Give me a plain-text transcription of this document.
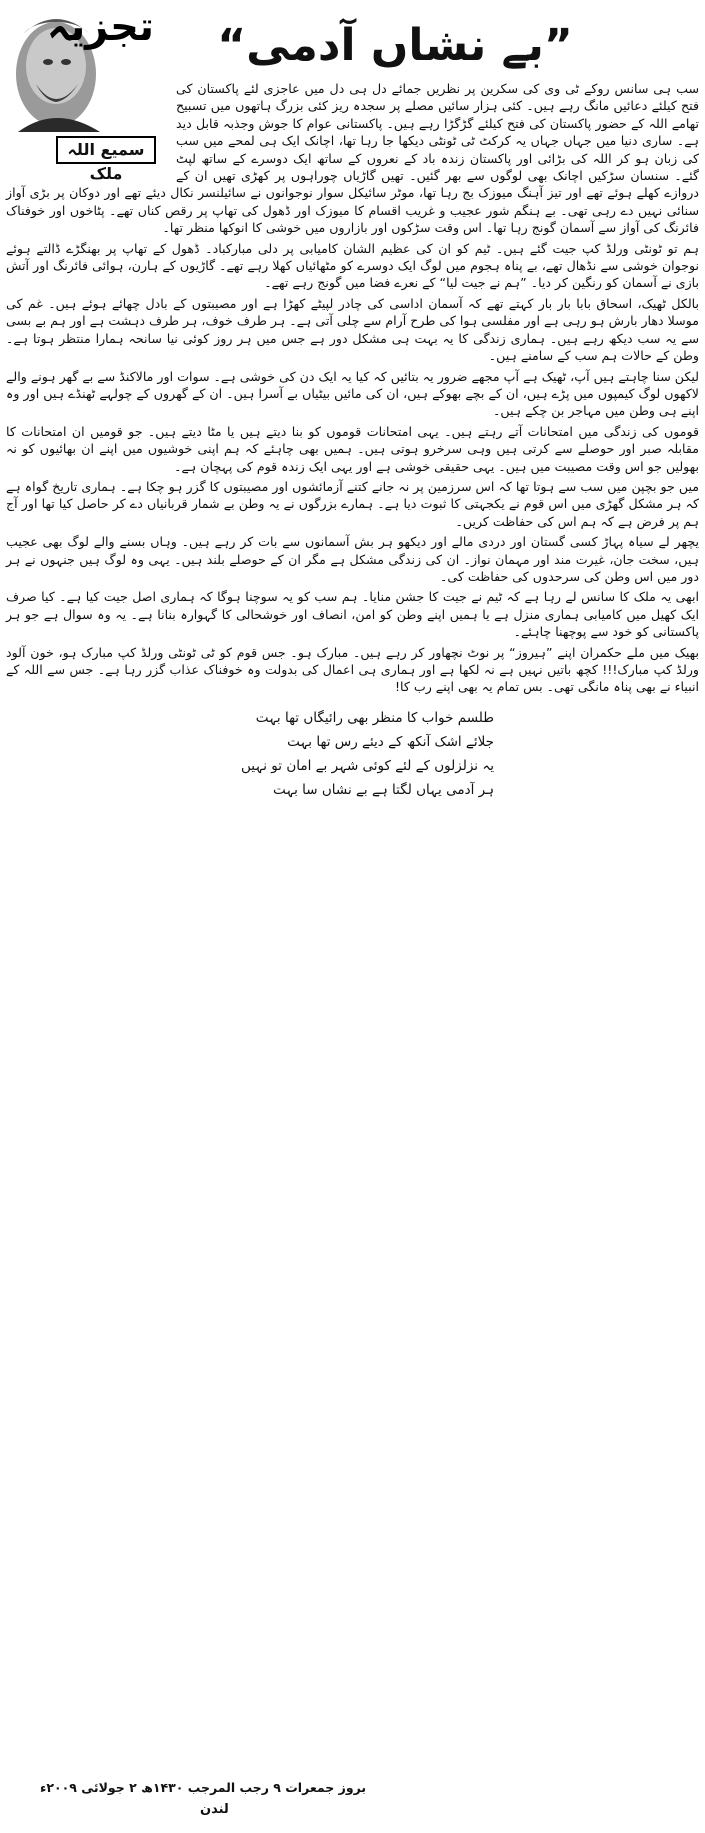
تجزیہ
سمیع اللہ ملک
”بے نشاں آدمی“

سب ہی سانس روکے ٹی وی کی سکرین پر نظریں جمائے دل ہی دل میں عاجزی لئے پاکستان کی فتح کیلئے دعائیں مانگ رہے ہیں۔ کئی ہزار سائیں مصلے پر سجدہ ریز کئی بزرگ ہاتھوں میں تسبیح تھامے اللہ کے حضور پاکستان کی فتح کیلئے گڑگڑا رہے ہیں۔ پاکستانی عوام کا جوش وجذبہ قابل دید ہے۔ ساری دنیا میں جہاں جہاں یہ کرکٹ ٹی ٹونٹی دیکھا جا رہا تھا، اچانک ایک ہی لمحے میں سب کی زبان ہو کر اللہ کی بڑائی اور پاکستان زندہ باد کے نعروں کے ساتھ ایک دوسرے کے ساتھ لپٹ گئے۔ سنسان سڑکیں اچانک بھی لوگوں سے بھر گئیں۔ تھیں گاڑیاں چوراہوں پر کھڑی تھیں ان کے دروازے کھلے ہوئے تھے اور تیز آہنگ میوزک بج رہا تھا، موٹر سائیکل سوار نوجوانوں نے سائیلنسر نکال دیئے تھے اور دوکان پر بڑی آواز سنائی نہیں دے رہی تھی۔ بے ہنگم شور عجیب و غریب اقسام کا میوزک اور ڈھول کی تھاپ پر رقص کناں تھے۔ پٹاخوں اور خوفناک فائرنگ کی آواز سے آسمان گونج رہا تھا۔ اس وقت سڑکوں اور بازاروں میں خوشی کا انوکھا منظر تھا۔

ہم تو ٹونٹی ورلڈ کپ جیت گئے ہیں۔ ٹیم کو ان کی عظیم الشان کامیابی پر دلی مبارکباد۔ ڈھول کے تھاپ پر بھنگڑے ڈالتے ہوئے نوجوان خوشی سے نڈھال تھے، بے پناہ ہجوم میں لوگ ایک دوسرے کو مٹھائیاں کھلا رہے تھے۔ گاڑیوں کے ہارن، ہوائی فائرنگ اور آتش بازی نے آسمان کو رنگین کر دیا۔ ”ہم نے جیت لیا“ کے نعرے فضا میں گونج رہے تھے۔

بالکل ٹھیک، اسحاق بابا بار بار کہتے تھے کہ آسمان اداسی کی چادر لپیٹے کھڑا ہے اور مصیبتوں کے بادل چھائے ہوئے ہیں۔ غم کی موسلا دھار بارش ہو رہی ہے اور مفلسی ہوا کی طرح آرام سے چلی آتی ہے۔ ہر طرف خوف، ہر طرف دہشت ہے اور ہم بے بسی سے یہ سب دیکھ رہے ہیں۔ ہماری زندگی کا یہ بہت ہی مشکل دور ہے جس میں ہر روز کوئی نیا سانحہ ہمارا منتظر ہوتا ہے۔ وطن کے حالات ہم سب کے سامنے ہیں۔

لیکن سنا چاہتے ہیں آپ، ٹھیک ہے آپ مجھے ضرور یہ بتائیں کہ کیا یہ ایک دن کی خوشی ہے۔ سوات اور مالاکنڈ سے بے گھر ہونے والے لاکھوں لوگ کیمپوں میں پڑے ہیں، ان کے بچے بھوکے ہیں، ان کی مائیں بیٹیاں بے آسرا ہیں۔ ان کے گھروں کے چولہے ٹھنڈے ہیں اور وہ اپنے ہی وطن میں مہاجر بن چکے ہیں۔

قوموں کی زندگی میں امتحانات آتے رہتے ہیں۔ یہی امتحانات قوموں کو بنا دیتے ہیں یا مٹا دیتے ہیں۔ جو قومیں ان امتحانات کا مقابلہ صبر اور حوصلے سے کرتی ہیں وہی سرخرو ہوتی ہیں۔ ہمیں بھی چاہئے کہ ہم اپنی خوشیوں میں اپنے ان بھائیوں کو نہ بھولیں جو اس وقت مصیبت میں ہیں۔ یہی حقیقی خوشی ہے اور یہی ایک زندہ قوم کی پہچان ہے۔

میں جو بچپن میں سب سے ہوتا تھا کہ اس سرزمین پر نہ جانے کتنے آزمائشوں اور مصیبتوں کا گزر ہو چکا ہے۔ ہماری تاریخ گواہ ہے کہ ہر مشکل گھڑی میں اس قوم نے یکجہتی کا ثبوت دیا ہے۔ ہمارے بزرگوں نے یہ وطن بے شمار قربانیاں دے کر حاصل کیا تھا اور آج ہم پر فرض ہے کہ ہم اس کی حفاظت کریں۔

یچھر لے سیاہ پہاڑ کسی گستان اور دردی مالے اور دیکھو ہر بش آسمانوں سے بات کر رہے ہیں۔ وہاں بسنے والے لوگ بھی عجیب ہیں، سخت جان، غیرت مند اور مہمان نواز۔ ان کی زندگی مشکل ہے مگر ان کے حوصلے بلند ہیں۔ یہی وہ لوگ ہیں جنہوں نے ہر دور میں اس وطن کی سرحدوں کی حفاظت کی۔

ابھی یہ ملک کا سانس لے رہا ہے کہ ٹیم نے جیت کا جشن منایا۔ ہم سب کو یہ سوچنا ہوگا کہ ہماری اصل جیت کیا ہے۔ کیا صرف ایک کھیل میں کامیابی ہماری منزل ہے یا ہمیں اپنے وطن کو امن، انصاف اور خوشحالی کا گہوارہ بنانا ہے۔ یہ وہ سوال ہے جو ہر پاکستانی کو خود سے پوچھنا چاہئے۔

بھیک میں ملے حکمران اپنے ”ہیروز“ پر نوٹ نچھاور کر رہے ہیں۔ مبارک ہو۔ جس قوم کو ٹی ٹونٹی ورلڈ کپ مبارک ہو، خون آلود ورلڈ کپ مبارک!!! کچھ باتیں نہیں ہے نہ لکھا ہے اور ہماری ہی اعمال کی بدولت وہ خوفناک عذاب گزر رہا ہے۔ جس سے اللہ کے انبیاء نے بھی پناہ مانگی تھی۔ بس تمام یہ بھی اپنے رب کا!

طلسم خواب کا منظر بھی رائیگاں تھا بہت
جلائے اشک آنکھ کے دیئے رس تھا بہت
یہ نزلزلوں کے لئے کوئی شہر بے امان تو نہیں
ہر آدمی یہاں لگتا ہے بے نشاں سا بہت
بروز جمعرات ۹ رجب المرجب ۱۴۳۰ھ ۲ جولائی ۲۰۰۹ء
لندن
